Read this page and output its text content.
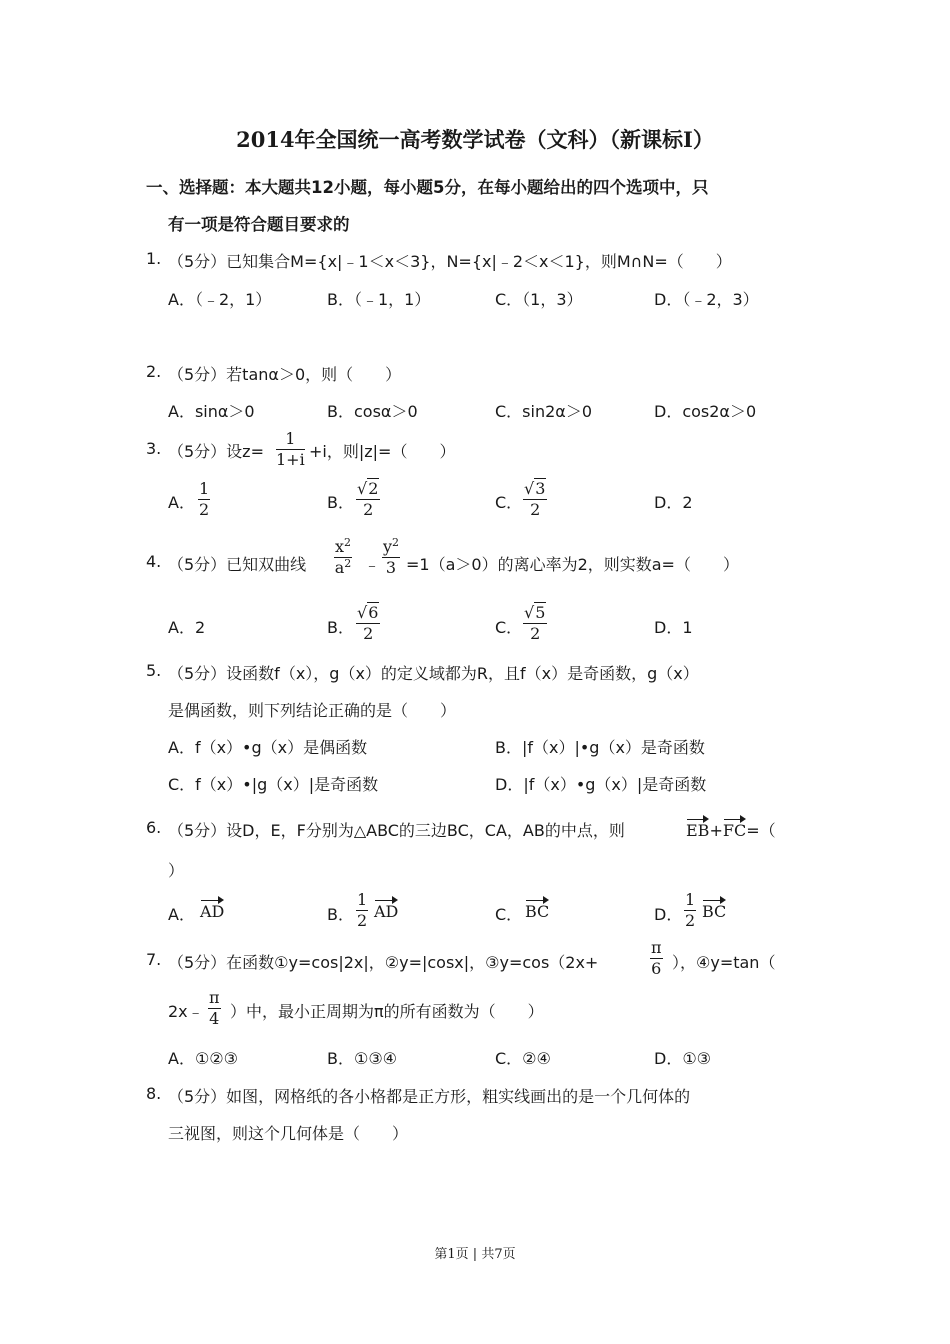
2014年全国统一高考数学试卷（文科）（新课标Ⅰ）
一、选择题：本大题共12小题，每小题5分，在每小题给出的四个选项中，只
有一项是符合题目要求的
1. （5分）已知集合M={x|﹣1＜x＜3}，N={x|﹣2＜x＜1}，则M∩N=（　　）
A．（﹣2，1）	B．（﹣1，1）	C．（1，3）	D．（﹣2，3）
2. （5分）若tanα＞0，则（　　）
A．sinα＞0	B．cosα＞0	C．sin2α＞0	D．cos2α＞0
3. （5分）设z=
1
1+i +i，则|z|=（　　）
A．
1
2	B．
√2
2	C．
√3
2	D．2
4. （5分）已知双曲线
$x^2$
$a^2$ ﹣
$y^2$
3 =1（a＞0）的离心率为2，则实数a=（　　）
A．2	B．
√6
2	C．
√5
2	D．1
5. （5分）设函数f（x），g（x）的定义域都为R，且f（x）是奇函数，g（x）
是偶函数，则下列结论正确的是（　　）
A．f（x）•g（x）是偶函数	B．|f（x）|•g（x）是奇函数
C．f（x）•|g（x）|是奇函数	D．|f（x）•g（x）|是奇函数
6. （5分）设D，E，F分别为△ABC的三边BC，CA，AB的中点，则	EB+FC=（
）
A． AD	B．
1
2 AD	C． BC	D．
1
2 BC
7. （5分）在函数①y=cos|2x|，②y=|cosx|，③y=cos（2x+
π
6 ），④y=tan（
2x﹣
π
4 ）中，最小正周期为π的所有函数为（　　）
A．①②③	B．①③④	C．②④	D．①③
8. （5分）如图，网格纸的各小格都是正方形，粗实线画出的是一个几何体的
三视图，则这个几何体是（　　）
第1页 | 共7页
